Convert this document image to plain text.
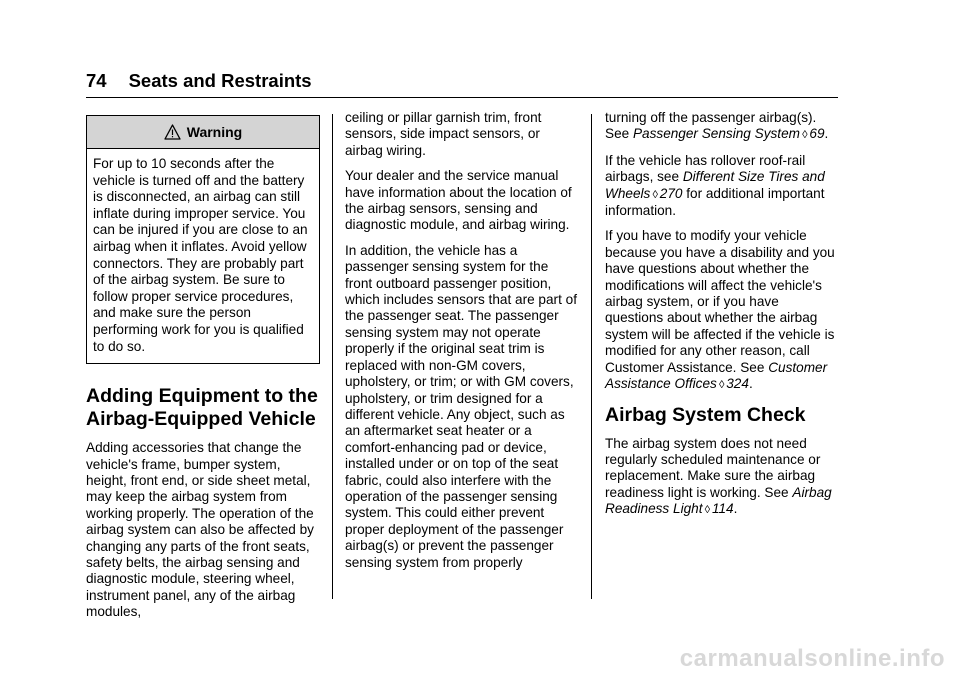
74 Seats and Restraints
Warning
For up to 10 seconds after the vehicle is turned off and the battery is disconnected, an airbag can still inflate during improper service. You can be injured if you are close to an airbag when it inflates. Avoid yellow connectors. They are probably part of the airbag system. Be sure to follow proper service procedures, and make sure the person performing work for you is qualified to do so.
Adding Equipment to the Airbag-Equipped Vehicle

Adding accessories that change the vehicle's frame, bumper system, height, front end, or side sheet metal, may keep the airbag system from working properly. The operation of the airbag system can also be affected by changing any parts of the front seats, safety belts, the airbag sensing and diagnostic module, steering wheel, instrument panel, any of the airbag modules,

ceiling or pillar garnish trim, front sensors, side impact sensors, or airbag wiring.

Your dealer and the service manual have information about the location of the airbag sensors, sensing and diagnostic module, and airbag wiring.

In addition, the vehicle has a passenger sensing system for the front outboard passenger position, which includes sensors that are part of the passenger seat. The passenger sensing system may not operate properly if the original seat trim is replaced with non-GM covers, upholstery, or trim; or with GM covers, upholstery, or trim designed for a different vehicle. Any object, such as an aftermarket seat heater or a comfort-enhancing pad or device, installed under or on top of the seat fabric, could also interfere with the operation of the passenger sensing system. This could either prevent proper deployment of the passenger airbag(s) or prevent the passenger sensing system from properly

turning off the passenger airbag(s). See Passenger Sensing System ◊ 69.

If the vehicle has rollover roof-rail airbags, see Different Size Tires and Wheels ◊ 270 for additional important information.

If you have to modify your vehicle because you have a disability and you have questions about whether the modifications will affect the vehicle's airbag system, or if you have questions about whether the airbag system will be affected if the vehicle is modified for any other reason, call Customer Assistance. See Customer Assistance Offices ◊ 324.

Airbag System Check

The airbag system does not need regularly scheduled maintenance or replacement. Make sure the airbag readiness light is working. See Airbag Readiness Light ◊ 114.

carmanualsonline.info
